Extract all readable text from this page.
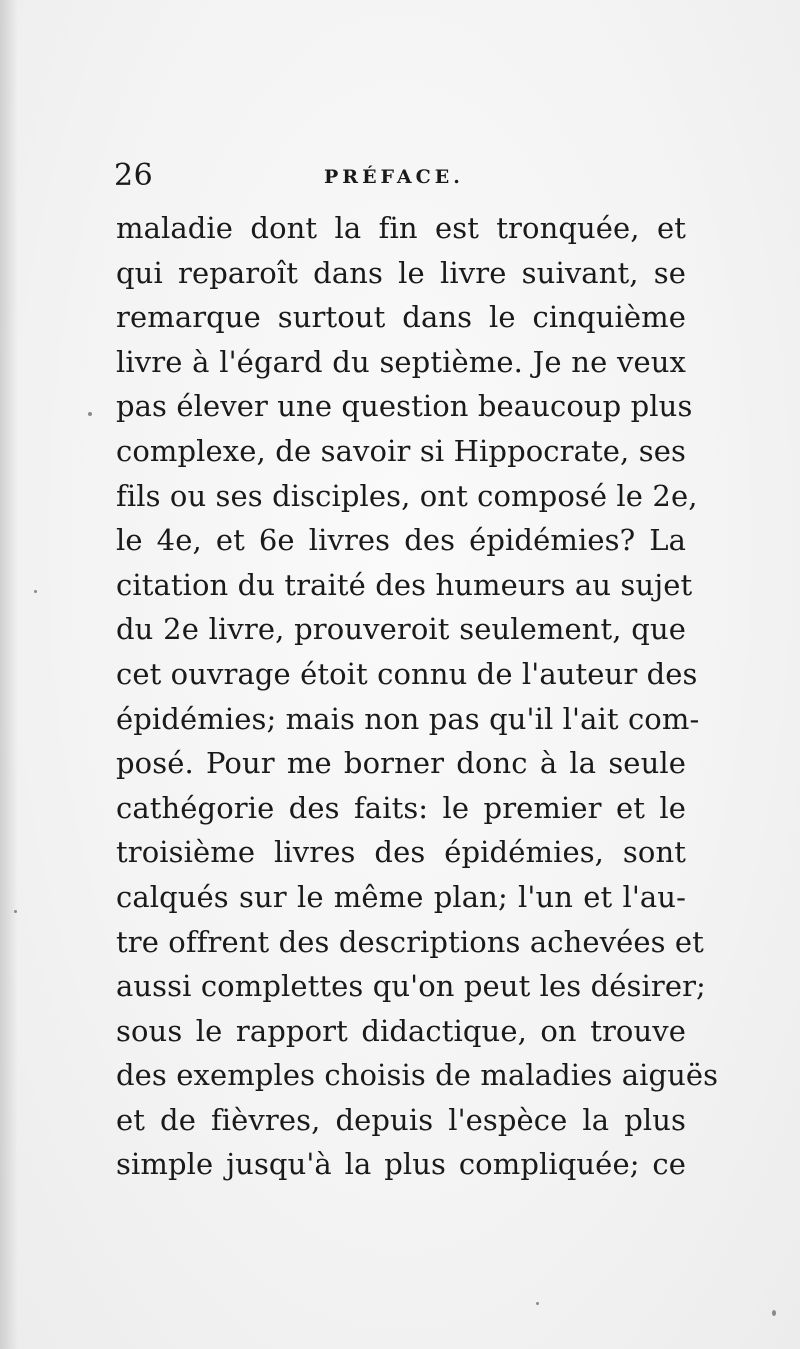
26	PRÉFACE.
maladie dont la fin est tronquée, et
qui reparoît dans le livre suivant, se
remarque surtout dans le cinquième
livre à l'égard du septième. Je ne veux
pas élever une question beaucoup plus
complexe, de savoir si Hippocrate, ses
fils ou ses disciples, ont composé le 2e,
le 4e, et 6e livres des épidémies? La
citation du traité des humeurs au sujet
du 2e livre, prouveroit seulement, que
cet ouvrage étoit connu de l'auteur des
épidémies; mais non pas qu'il l'ait com-
posé. Pour me borner donc à la seule
cathégorie des faits: le premier et le
troisième livres des épidémies, sont
calqués sur le même plan; l'un et l'au-
tre offrent des descriptions achevées et
aussi complettes qu'on peut les désirer;
sous le rapport didactique, on trouve
des exemples choisis de maladies aiguës
et de fièvres, depuis l'espèce la plus
simple jusqu'à la plus compliquée; ce
